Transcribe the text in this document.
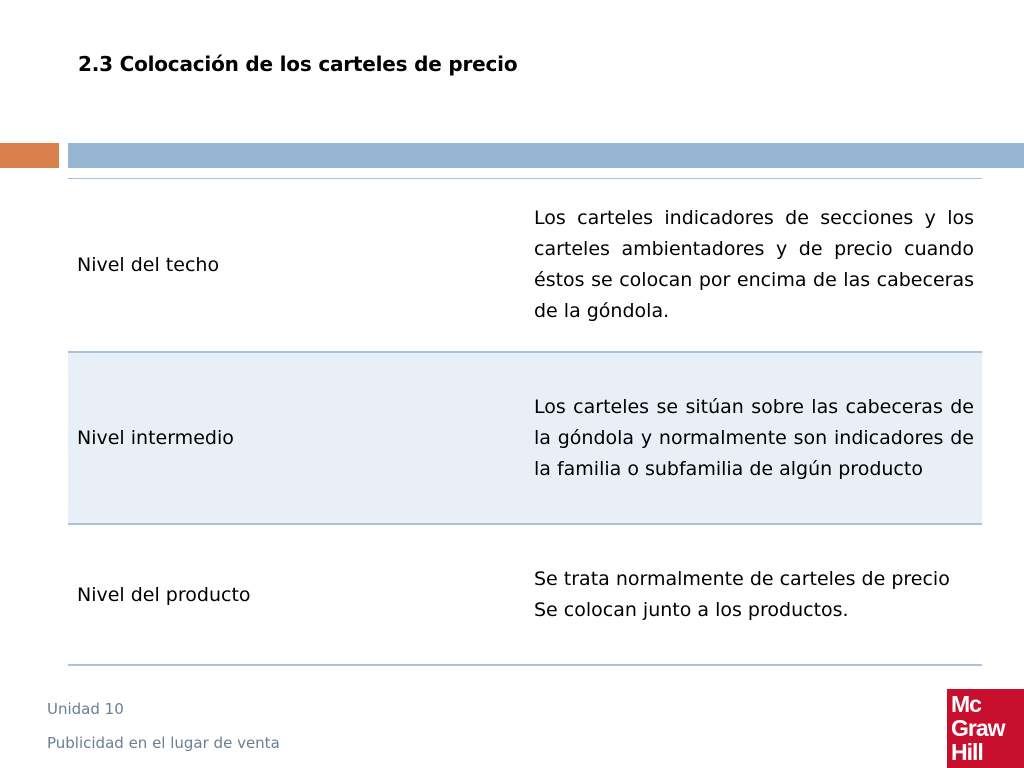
2.3 Colocación de los carteles de precio
Nivel del techo
Los carteles indicadores de secciones y los carteles ambientadores y de precio cuando éstos se colocan por encima de las cabeceras de la góndola.
Nivel intermedio
Los carteles se sitúan sobre las cabeceras de la góndola y normalmente son indicadores de la familia o subfamilia de algún producto
Nivel del producto
Se trata normalmente de carteles de precio
Se colocan junto a los productos.
Unidad 10
Publicidad en el lugar de venta
Mc
Graw
Hill
